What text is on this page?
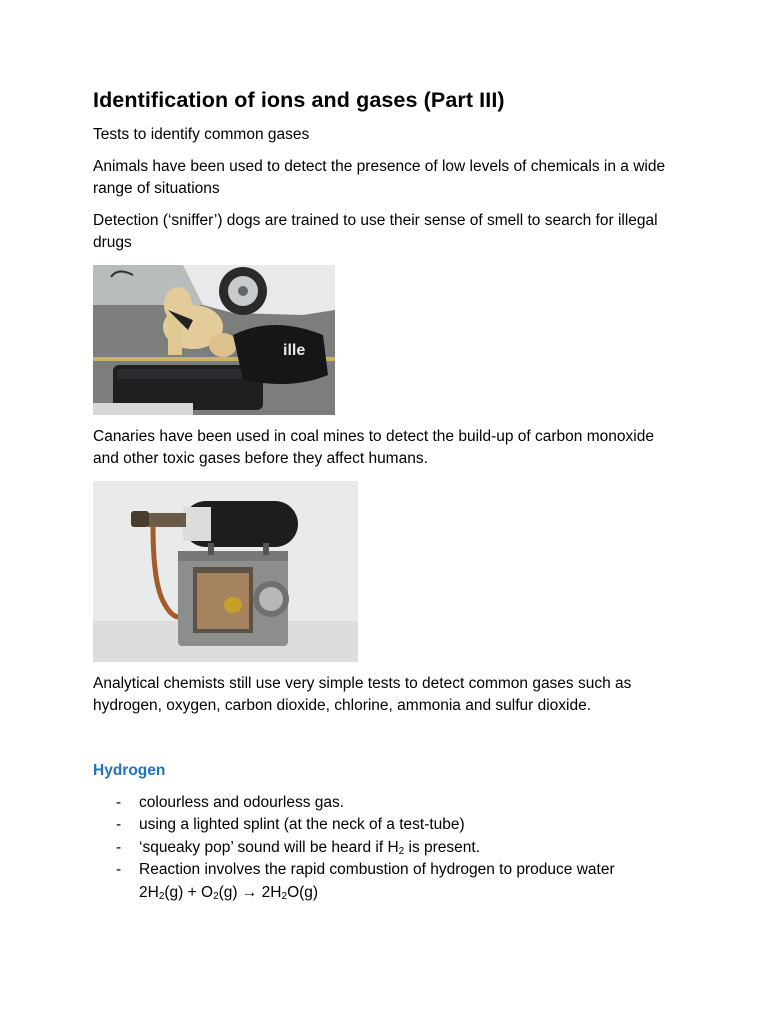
Identification of ions and gases (Part III)

Tests to identify common gases

Animals have been used to detect the presence of low levels of chemicals in a wide range of situations

Detection (‘sniffer’) dogs are trained to use their sense of smell to search for illegal drugs

ille

Canaries have been used in coal mines to detect the build-up of carbon monoxide and other toxic gases before they affect humans.

Analytical chemists still use very simple tests to detect common gases such as hydrogen, oxygen, carbon dioxide, chlorine, ammonia and sulfur dioxide.

Hydrogen
- colourless and odourless gas.
- using a lighted splint (at the neck of a test-tube)
- ‘squeaky pop’ sound will be heard if $H_2$ is present.
- Reaction involves the rapid combustion of hydrogen to produce water
$2H_2(g) + O_2(g) \to 2H_2O(g)$
